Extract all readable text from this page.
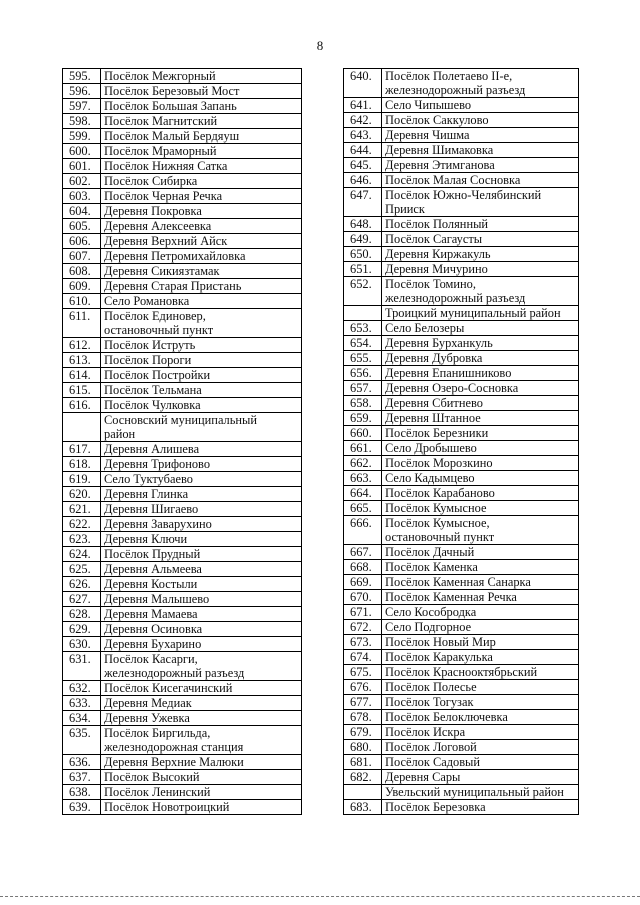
8
595.	Посёлок Межгорный

596.	Посёлок Березовый Мост

597.	Посёлок Большая Запань

598.	Посёлок Магнитский

599.	Посёлок Малый Бердяуш

600.	Посёлок Мраморный

601.	Посёлок Нижняя Сатка

602.	Посёлок Сибирка

603.	Посёлок Черная Речка

604.	Деревня Покровка

605.	Деревня Алексеевка

606.	Деревня Верхний Айск

607.	Деревня Петромихайловка

608.	Деревня Сикиязтамак

609.	Деревня Старая Пристань

610.	Село Романовка

611.	Посёлок Единовер,
остановочный пункт

612.	Посёлок Иструть

613.	Посёлок Пороги

614.	Посёлок Постройки

615.	Посёлок Тельмана

616.	Посёлок Чулковка

	Сосновский муниципальный
район

617.	Деревня Алишева

618.	Деревня Трифоново

619.	Село Туктубаево

620.	Деревня Глинка

621.	Деревня Шигаево

622.	Деревня Заварухино

623.	Деревня Ключи

624.	Посёлок Прудный

625.	Деревня Альмеева

626.	Деревня Костыли

627.	Деревня Малышево

628.	Деревня Мамаева

629.	Деревня Осиновка

630.	Деревня Бухарино

631.	Посёлок Касарги,
железнодорожный разъезд

632.	Посёлок Кисегачинский

633.	Деревня Медиак

634.	Деревня Ужевка

635.	Посёлок Биргильда,
железнодорожная станция

636.	Деревня Верхние Малюки

637.	Посёлок Высокий

638.	Посёлок Ленинский

639.	Посёлок Новотроицкий
640.	Посёлок Полетаево II-е,
железнодорожный разъезд

641.	Село Чипышево

642.	Посёлок Саккулово

643.	Деревня Чишма

644.	Деревня Шимаковка

645.	Деревня Этимганова

646.	Посёлок Малая Сосновка

647.	Посёлок Южно-Челябинский
Прииск

648.	Посёлок Полянный

649.	Посёлок Сагаусты

650.	Деревня Киржакуль

651.	Деревня Мичурино

652.	Посёлок Томино,
железнодорожный разъезд

	Троицкий муниципальный район

653.	Село Белозеры

654.	Деревня Бурханкуль

655.	Деревня Дубровка

656.	Деревня Епанишниково

657.	Деревня Озеро-Сосновка

658.	Деревня Сбитнево

659.	Деревня Штанное

660.	Посёлок Березники

661.	Село Дробышево

662.	Посёлок Морозкино

663.	Село Кадымцево

664.	Посёлок Карабаново

665.	Посёлок Кумысное

666.	Посёлок Кумысное,
остановочный пункт

667.	Посёлок Дачный

668.	Посёлок Каменка

669.	Посёлок Каменная Санарка

670.	Посёлок Каменная Речка

671.	Село Кособродка

672.	Село Подгорное

673.	Посёлок Новый Мир

674.	Посёлок Каракулька

675.	Посёлок Краснооктябрьский

676.	Посёлок Полесье

677.	Посёлок Тогузак

678.	Посёлок Белоключевка

679.	Посёлок Искра

680.	Посёлок Логовой

681.	Посёлок Садовый

682.	Деревня Сары

	Увельский муниципальный район

683.	Посёлок Березовка
